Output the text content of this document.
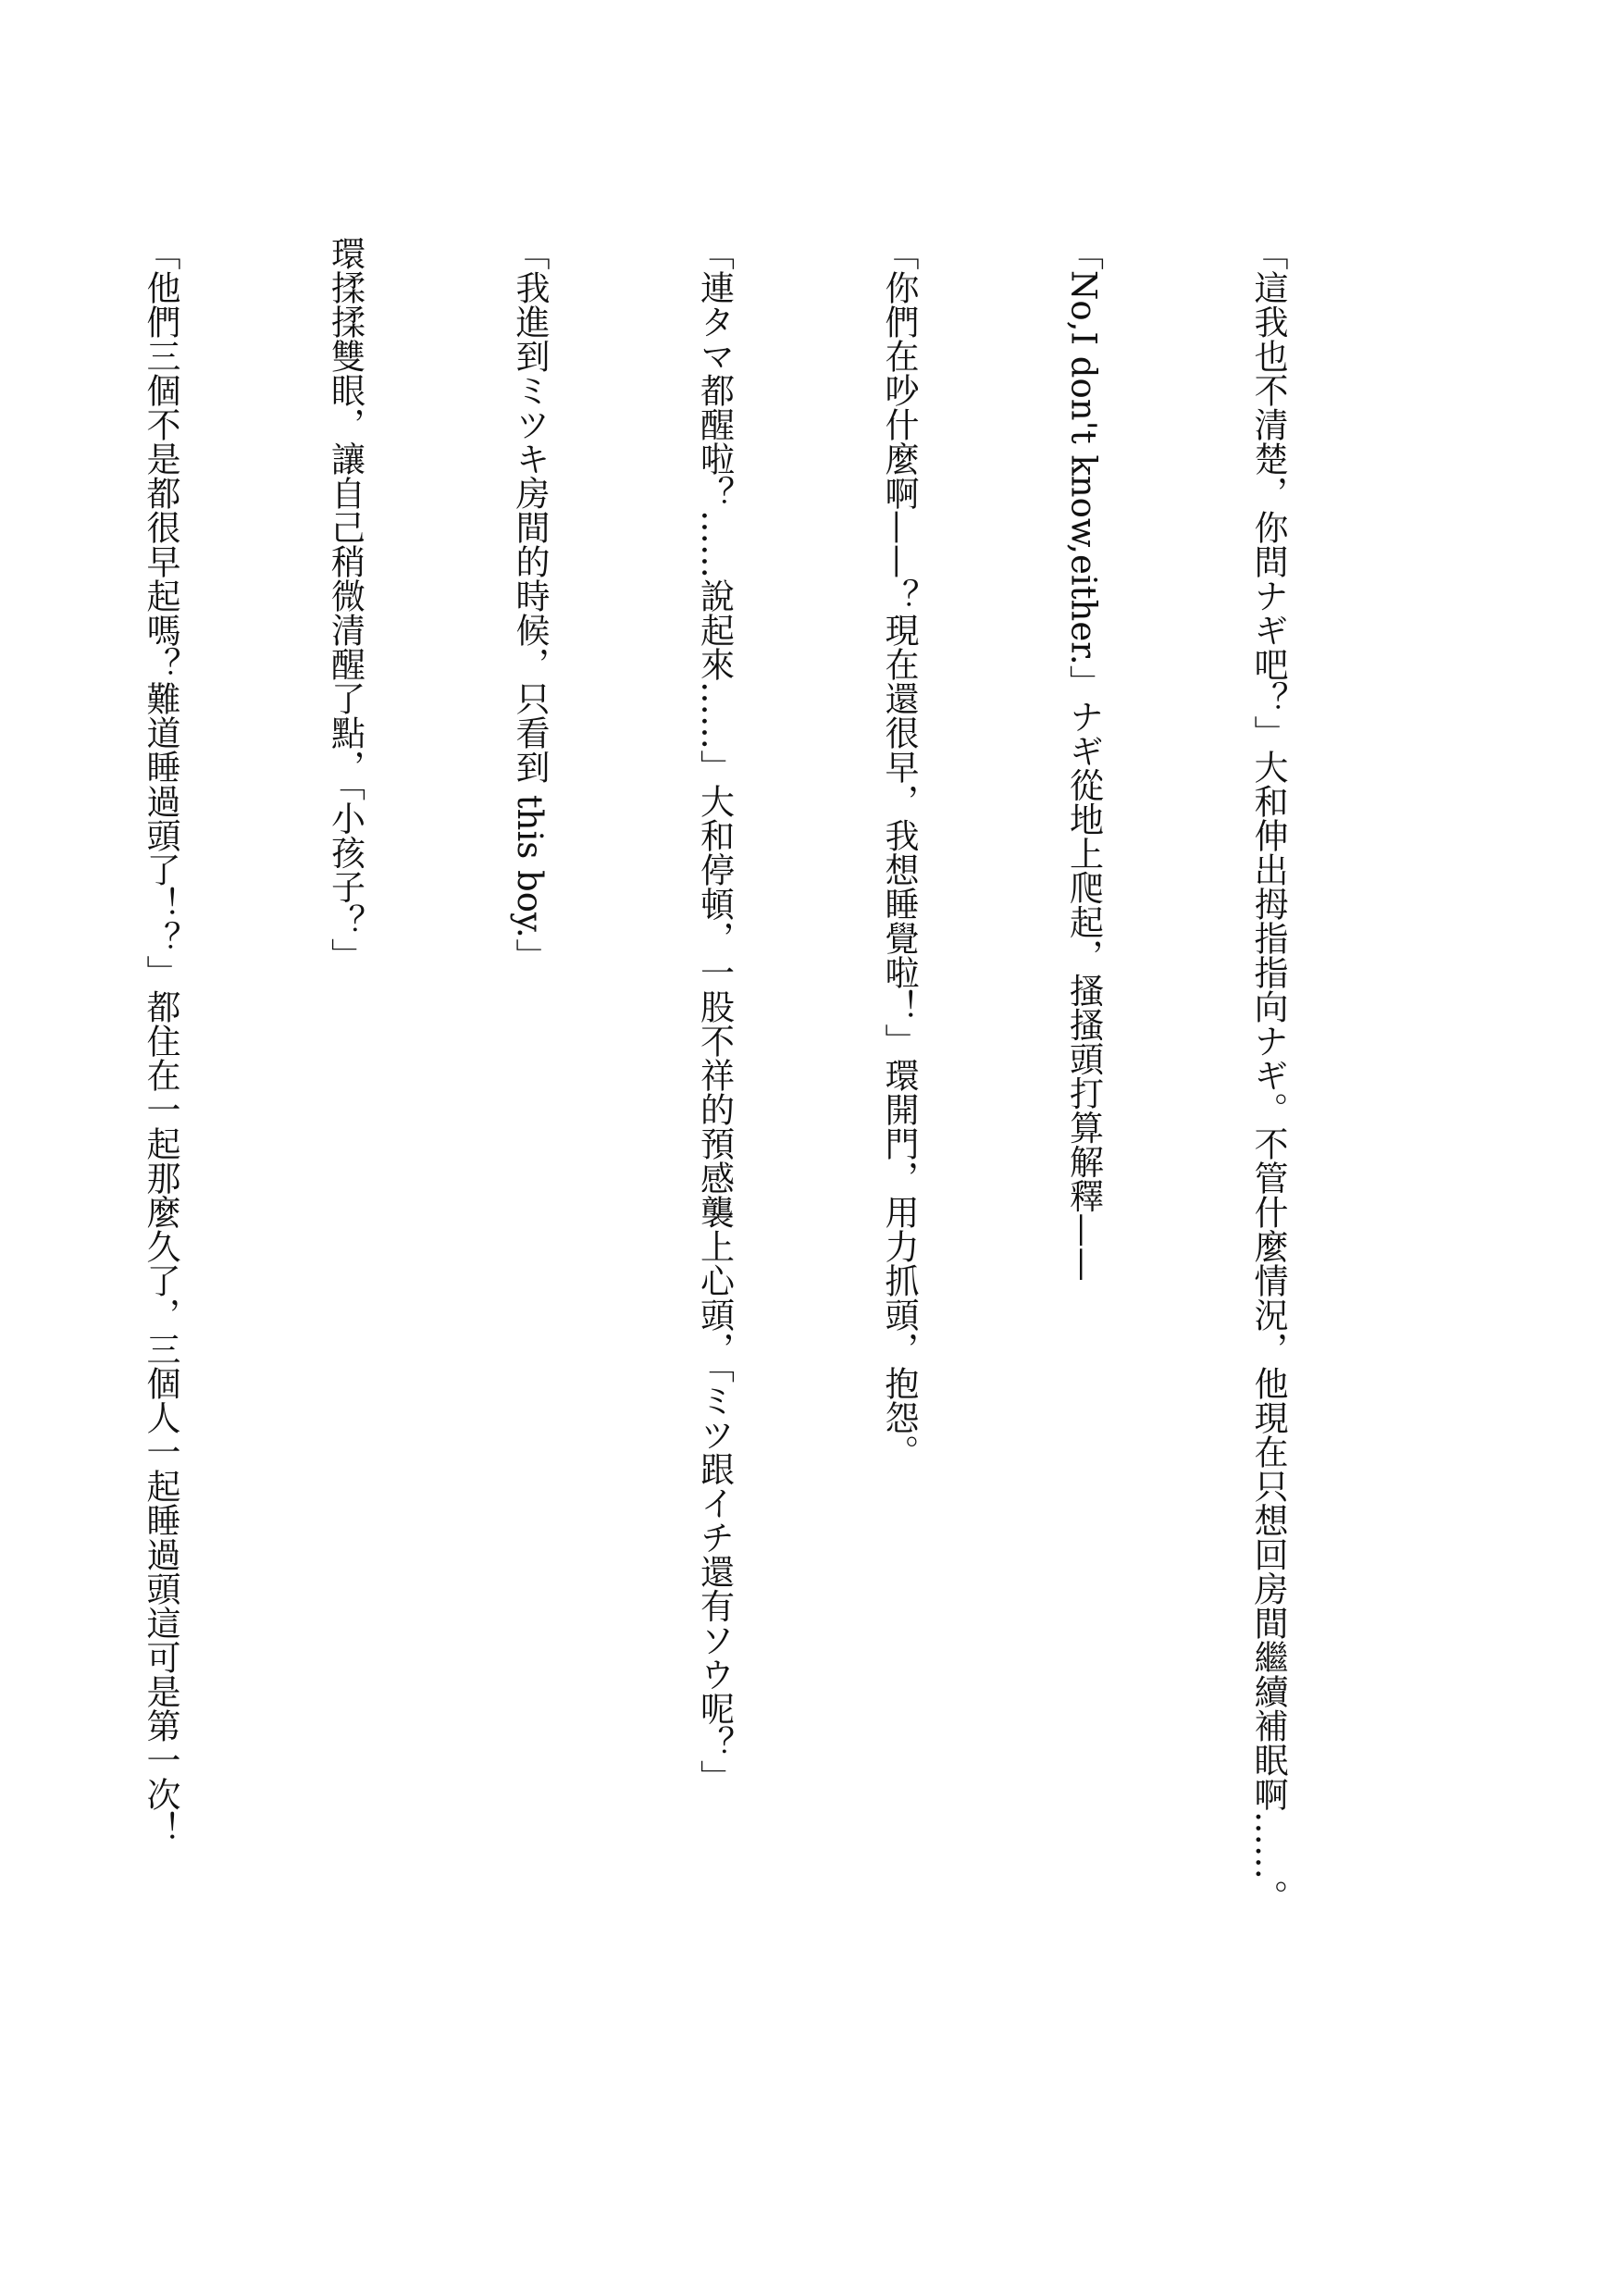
「這我也不清楚，你問ナギ吧？」大和伸出拇指指向ナギ。不管什麼情況，他現在只想回房間繼續補眠啊……。

「No,I don't know,either.」ナギ從地上爬起，搔搔頭打算解釋——

「你們在吵什麼啊——？現在還很早，我想睡覺啦！」環開門，用力抓頭，抱怨。

「連タマ都醒啦？……說起來……」大和停頓，一股不祥的預感襲上心頭，「ミツ跟イチ還有ソウ呢？」

「我進到ミツキ房間的時候，只看到 this boy.」

環揉揉雙眼，讓自己稍微清醒了點，「小孩子？」

「他們三個不是都很早起嗎？難道睡過頭了！？」都住在一起那麼久了，三個人一起睡過頭這可是第一次！
